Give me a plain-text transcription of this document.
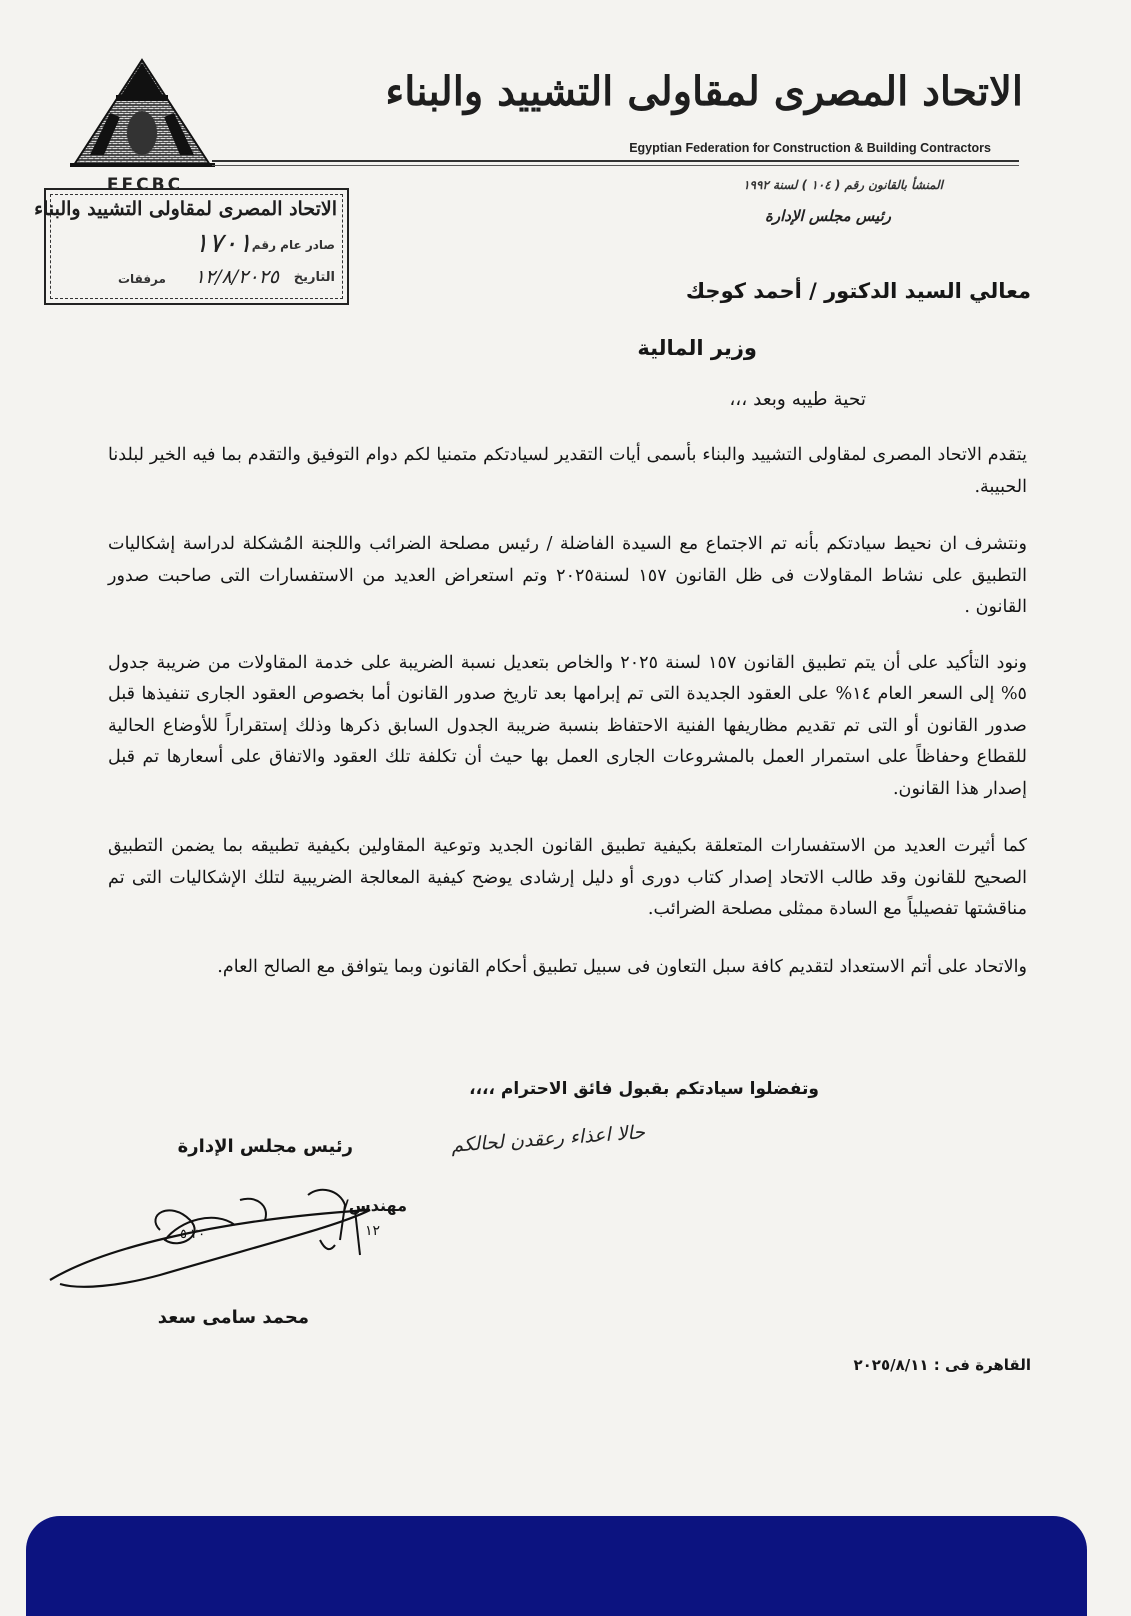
EFCBC
الاتحاد المصرى لمقاولى التشييد والبناء
Egyptian Federation for Construction & Building Contractors
المنشأ بالقانون رقم ( ١٠٤ ) لسنة ١٩٩٢
رئيس مجلس الإدارة
الاتحاد المصرى لمقاولى التشييد والبناء
صادر عام رقم
١٧٠١
التاريخ
١٢/٨/٢٠٢٥
مرفقات	معالي السيد الدكتور / أحمد كوجك
وزير المالية
تحية طيبه وبعد ،،،

يتقدم الاتحاد المصرى لمقاولى التشييد والبناء بأسمى أيات التقدير لسيادتكم متمنيا لكم دوام التوفيق والتقدم بما فيه الخير لبلدنا الحبيبة.

ونتشرف ان نحيط سيادتكم بأنه تم الاجتماع مع السيدة الفاضلة / رئيس مصلحة الضرائب واللجنة المُشكلة لدراسة إشكاليات التطبيق على نشاط المقاولات فى ظل القانون ١٥٧ لسنة٢٠٢٥ وتم استعراض العديد من الاستفسارات التى صاحبت صدور القانون .

ونود التأكيد على أن يتم تطبيق القانون ١٥٧ لسنة ٢٠٢٥ والخاص بتعديل نسبة الضريبة على خدمة المقاولات من ضريبة جدول ٥% إلى السعر العام ١٤% على العقود الجديدة التى تم إبرامها بعد تاريخ صدور القانون أما بخصوص العقود الجارى تنفيذها قبل صدور القانون أو التى تم تقديم مظاريفها الفنية الاحتفاظ بنسبة ضريبة الجدول السابق ذكرها وذلك إستقراراً للأوضاع الحالية للقطاع وحفاظاً على استمرار العمل بالمشروعات الجارى العمل بها حيث أن تكلفة تلك العقود والاتفاق على أسعارها تم قبل إصدار هذا القانون.

كما أثيرت العديد من الاستفسارات المتعلقة بكيفية تطبيق القانون الجديد وتوعية المقاولين بكيفية تطبيقه بما يضمن التطبيق الصحيح للقانون وقد طالب الاتحاد إصدار كتاب دورى أو دليل إرشادى يوضح كيفية المعالجة الضريبية لتلك الإشكاليات التى تم مناقشتها تفصيلياً مع السادة ممثلى مصلحة الضرائب.

والاتحاد على أتم الاستعداد لتقديم كافة سبل التعاون فى سبيل تطبيق أحكام القانون وبما يتوافق مع الصالح العام.

وتفضلوا سيادتكم بقبول فائق الاحترام ،،،،
رئيس مجلس الإدارة	حالا اعذاء رعقدن لحالكم
مهندس/
٢٠ ٥	١٢
محمد سامى سعد
القاهرة فى : ٢٠٢٥/٨/١١
